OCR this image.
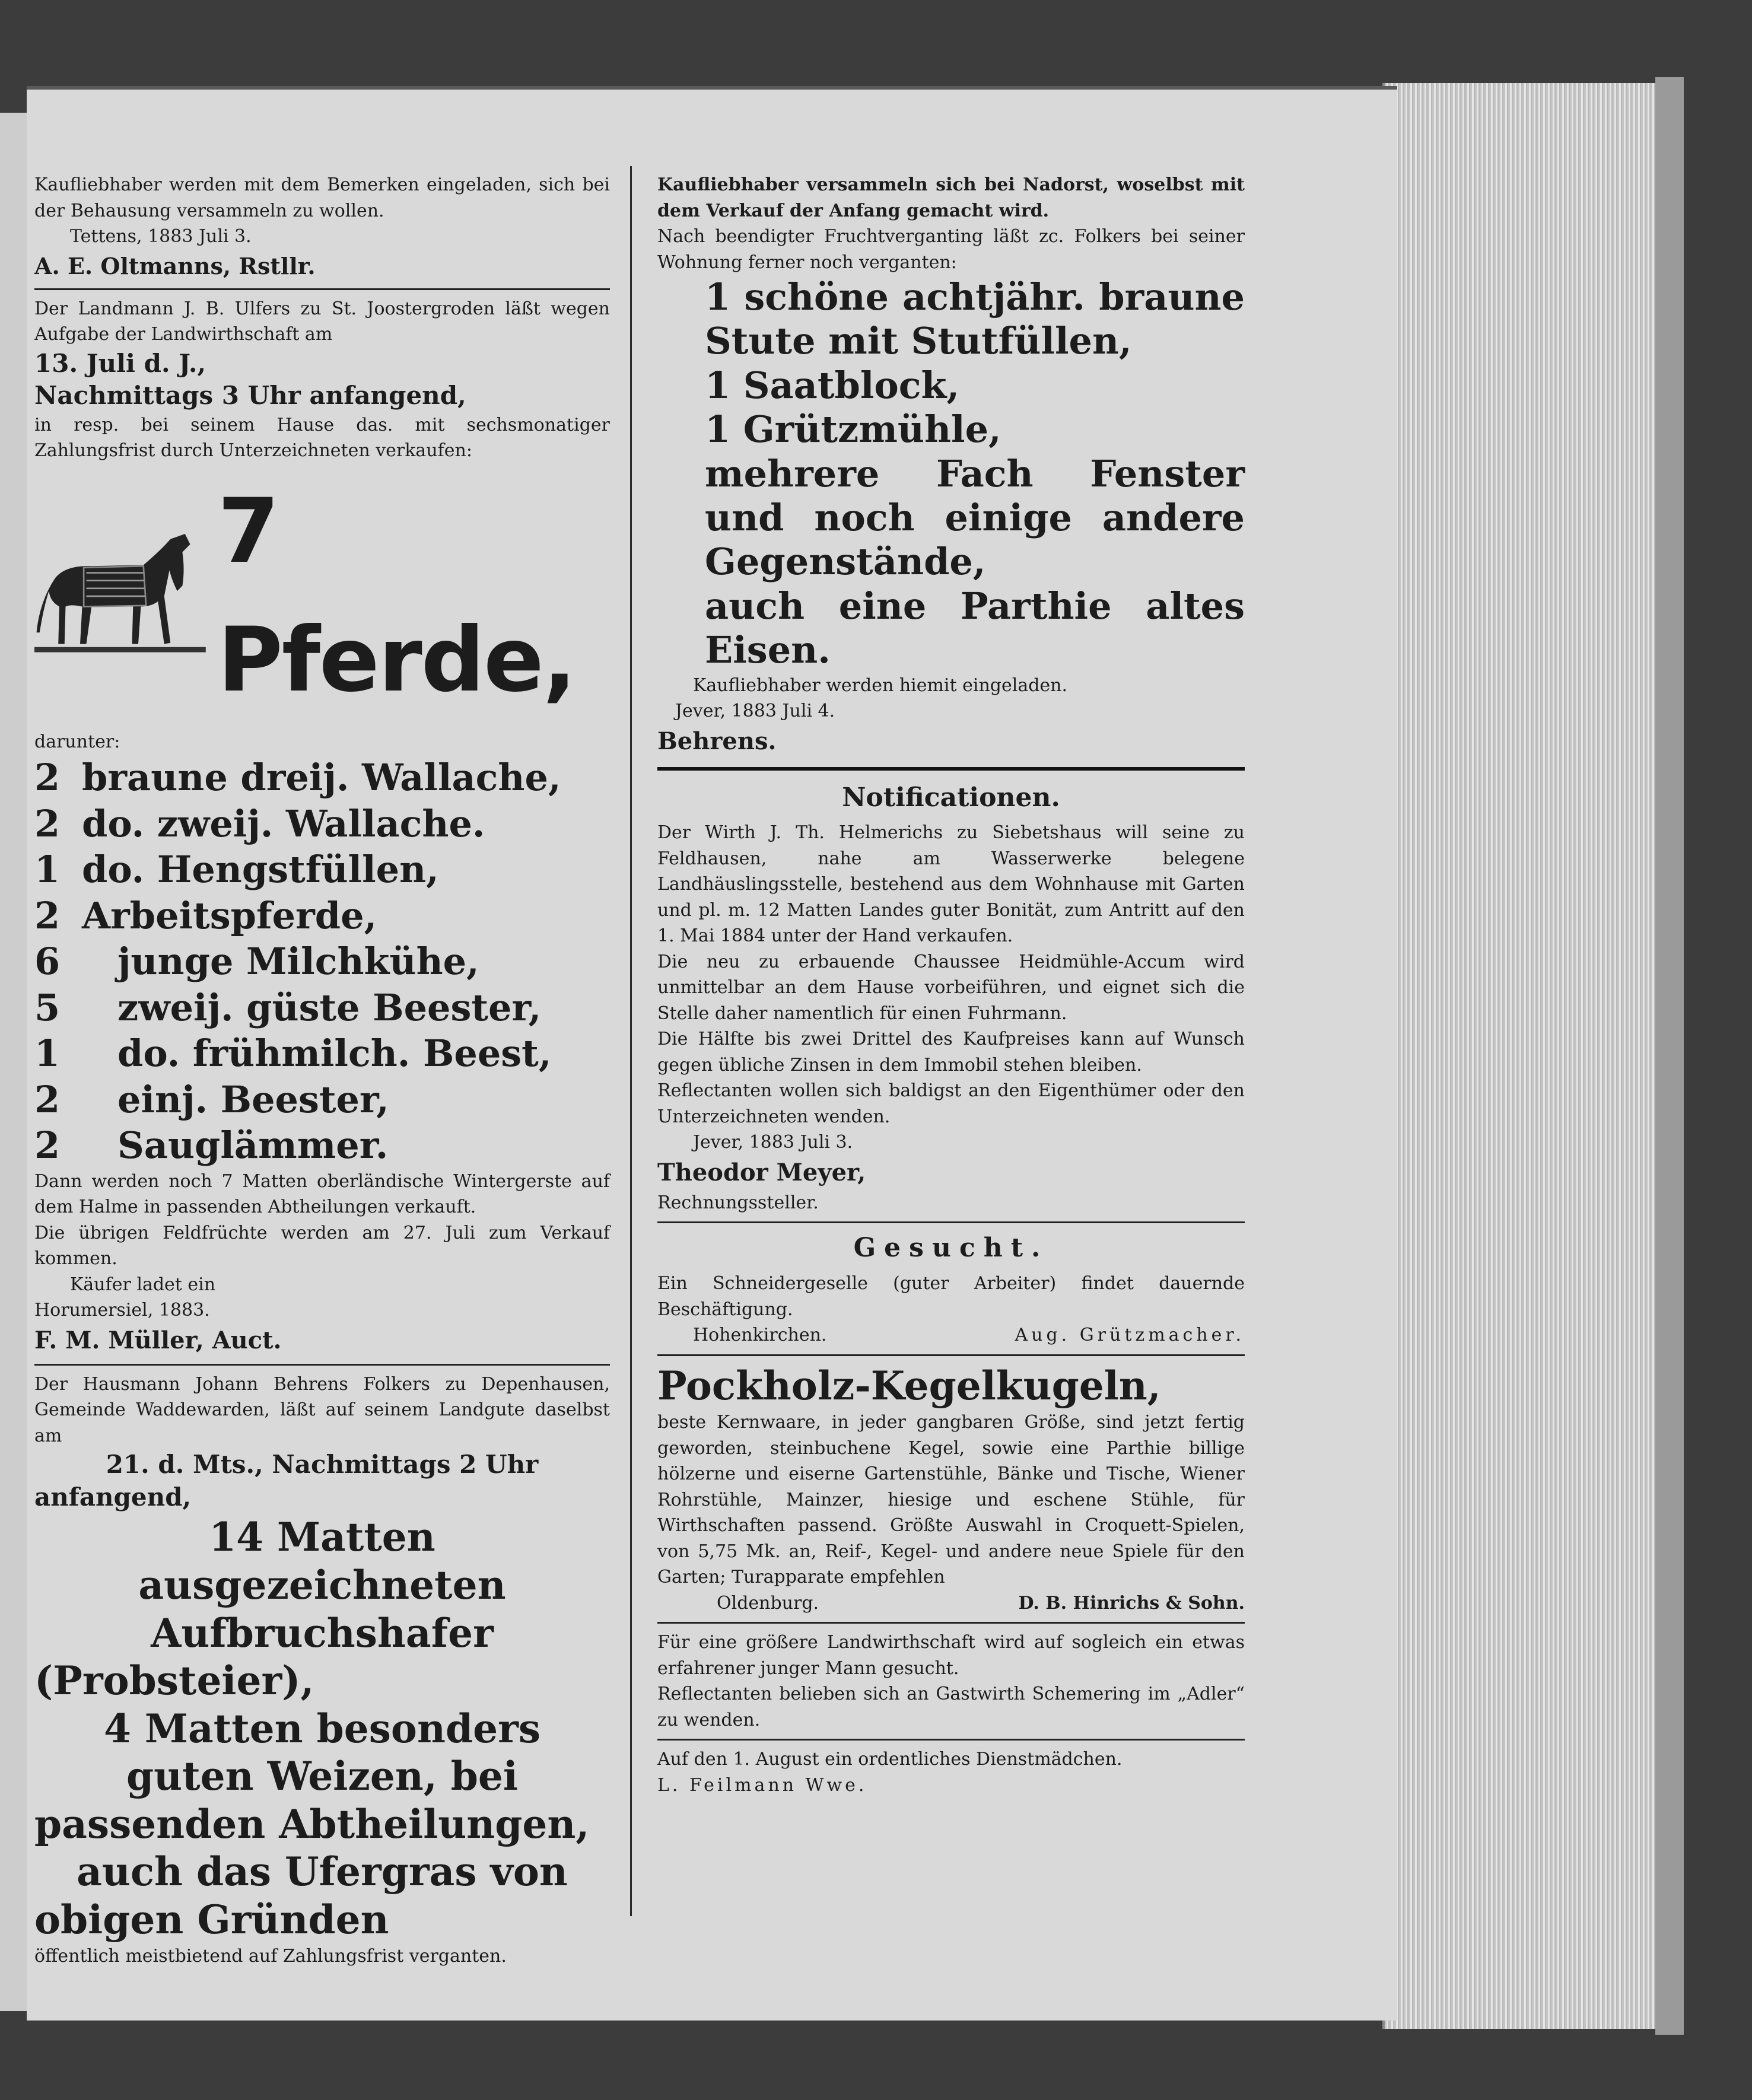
Kaufliebhaber werden mit dem Bemerken eingeladen, sich bei der Behausung versammeln zu wollen.

Tettens, 1883 Juli 3.

A. E. Oltmanns, Rstllr.

Der Landmann J. B. Ulfers zu St. Joostergroden läßt wegen Aufgabe der Landwirthschaft am

13. Juli d. J.,

Nachmittags 3 Uhr anfangend,

in resp. bei seinem Hause das. mit sechsmonatiger Zahlungsfrist durch Unterzeichneten verkaufen:

7 Pferde,

darunter:

2 braune dreij. Wallache,
2 do. zweij. Wallache.
1 do. Hengstfüllen,
2 Arbeitspferde,
6 junge Milchkühe,
5 zweij. güste Beester,
1 do. frühmilch. Beest,
2 einj. Beester,
2 Sauglämmer.

Dann werden noch 7 Matten oberländische Wintergerste auf dem Halme in passenden Abtheilungen verkauft.

Die übrigen Feldfrüchte werden am 27. Juli zum Verkauf kommen.

Käufer ladet ein

Horumersiel, 1883.

F. M. Müller, Auct.

Der Hausmann Johann Behrens Folkers zu Depenhausen, Gemeinde Waddewarden, läßt auf seinem Landgute daselbst am

21. d. Mts., Nachmittags 2 Uhr anfangend,

14 Matten ausgezeichneten Aufbruchshafer (Probsteier),

4 Matten besonders guten Weizen, bei passenden Abtheilungen,

auch das Ufergras von obigen Gründen

öffentlich meistbietend auf Zahlungsfrist verganten.

Kaufliebhaber versammeln sich bei Nadorst, woselbst mit dem Verkauf der Anfang gemacht wird.

Nach beendigter Fruchtverganting läßt zc. Folkers bei seiner Wohnung ferner noch verganten:

1 schöne achtjähr. braune Stute mit Stutfüllen,

1 Saatblock,

1 Grützmühle,

mehrere Fach Fenster und noch einige andere Gegenstände,

auch eine Parthie altes Eisen.

Kaufliebhaber werden hiemit eingeladen.

Jever, 1883 Juli 4.

Behrens.

Notificationen.

Der Wirth J. Th. Helmerichs zu Siebetshaus will seine zu Feldhausen, nahe am Wasserwerke belegene Landhäuslingsstelle, bestehend aus dem Wohnhause mit Garten und pl. m. 12 Matten Landes guter Bonität, zum Antritt auf den 1. Mai 1884 unter der Hand verkaufen.

Die neu zu erbauende Chaussee Heidmühle-Accum wird unmittelbar an dem Hause vorbeiführen, und eignet sich die Stelle daher namentlich für einen Fuhrmann.

Die Hälfte bis zwei Drittel des Kaufpreises kann auf Wunsch gegen übliche Zinsen in dem Immobil stehen bleiben.

Reflectanten wollen sich baldigst an den Eigenthümer oder den Unterzeichneten wenden.

Jever, 1883 Juli 3.

Theodor Meyer,

Rechnungssteller.

Gesucht.

Ein Schneidergeselle (guter Arbeiter) findet dauernde Beschäftigung.

Hohenkirchen.	Aug. Grützmacher.

Pockholz-Kegelkugeln,

beste Kernwaare, in jeder gangbaren Größe, sind jetzt fertig geworden, steinbuchene Kegel, sowie eine Parthie billige hölzerne und eiserne Gartenstühle, Bänke und Tische, Wiener Rohrstühle, Mainzer, hiesige und eschene Stühle, für Wirthschaften passend. Größte Auswahl in Croquett-Spielen, von 5,75 Mk. an, Reif-, Kegel- und andere neue Spiele für den Garten; Turapparate empfehlen

Oldenburg.	D. B. Hinrichs & Sohn.

Für eine größere Landwirthschaft wird auf sogleich ein etwas erfahrener junger Mann gesucht.

Reflectanten belieben sich an Gastwirth Schemering im „Adler“ zu wenden.

Auf den 1. August ein ordentliches Dienstmädchen.

L. Feilmann Wwe.
